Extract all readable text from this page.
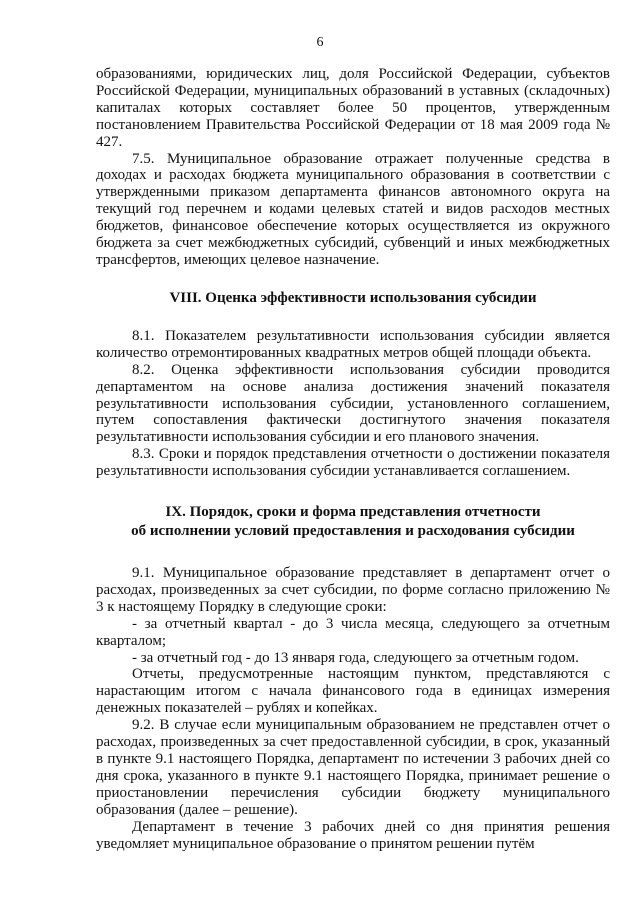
6

образованиями, юридических лиц, доля Российской Федерации, субъектов Российской Федерации, муниципальных образований в уставных (складочных) капиталах которых составляет более 50 процентов, утвержденным постановлением Правительства Российской Федерации от 18 мая 2009 года № 427.

7.5. Муниципальное образование отражает полученные средства в доходах и расходах бюджета муниципального образования в соответствии с утвержденными приказом департамента финансов автономного округа на текущий год перечнем и кодами целевых статей и видов расходов местных бюджетов, финансовое обеспечение которых осуществляется из окружного бюджета за счет межбюджетных субсидий, субвенций и иных межбюджетных трансфертов, имеющих целевое назначение.

VIII. Оценка эффективности использования субсидии

8.1. Показателем результативности использования субсидии является количество отремонтированных квадратных метров общей площади объекта.

8.2. Оценка эффективности использования субсидии проводится департаментом на основе анализа достижения значений показателя результативности использования субсидии, установленного соглашением, путем сопоставления фактически достигнутого значения показателя результативности использования субсидии и его планового значения.

8.3. Сроки и порядок представления отчетности о достижении показателя результативности использования субсидии устанавливается соглашением.

IX. Порядок, сроки и форма представления отчетности
об исполнении условий предоставления и расходования субсидии

9.1. Муниципальное образование представляет в департамент отчет о расходах, произведенных за счет субсидии, по форме согласно приложению № 3 к настоящему Порядку в следующие сроки:

- за отчетный квартал - до 3 числа месяца, следующего за отчетным кварталом;

- за отчетный год - до 13 января года, следующего за отчетным годом.

Отчеты, предусмотренные настоящим пунктом, представляются с нарастающим итогом с начала финансового года в единицах измерения денежных показателей – рублях и копейках.

9.2. В случае если муниципальным образованием не представлен отчет о расходах, произведенных за счет предоставленной субсидии, в срок, указанный в пункте 9.1 настоящего Порядка, департамент по истечении 3 рабочих дней со дня срока, указанного в пункте 9.1 настоящего Порядка, принимает решение о приостановлении перечисления субсидии бюджету муниципального образования (далее – решение).

Департамент в течение 3 рабочих дней со дня принятия решения уведомляет муниципальное образование о принятом решении путём
